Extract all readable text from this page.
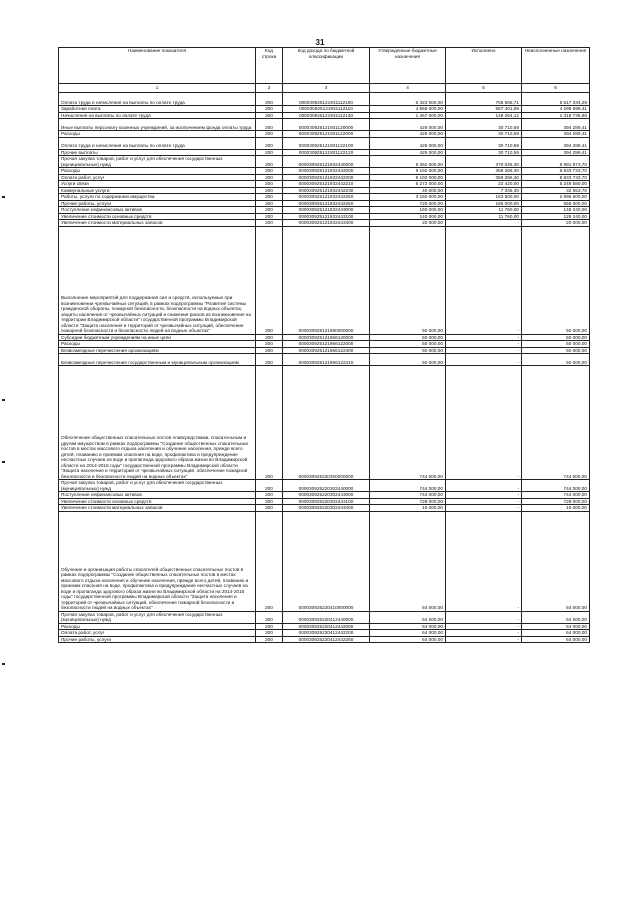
31
Наименование показателя	Код строки	Код дохода по бюджетной классификации	Утвержденные бюджетные назначения	Исполнено	Неисполненные назначения
1	2	3	4	5	6
Оплата труда и начисления на выплаты по оплате труда	200	000030925121931112100	6 323 000,00	705 665,71	5 617 334,29
Заработная плата	200	000030925121931112110	4 856 000,00	557 401,59	4 298 598,41
Начисления на выплаты по оплате труда	200	000030925121931112130	1 467 000,00	148 264,12	1 318 735,88
Иные выплаты персоналу казенных учреждений, за исключением фонда оплаты труда	200	000030925121931120000	425 000,00	30 710,59	394 289,41
Расходы	200	000030925121931122000	425 000,00	30 710,59	394 289,41
Оплата труда и начисления на выплаты по оплате труда	200	000030925121931122100	425 000,00	30 710,59	394 289,41
Прочие выплаты	200	000030925121931122120	425 000,00	30 710,59	394 289,41
Прочая закупка товаров, работ и услуг для обеспечения государственных (муниципальных) нужд	200	000030925121932440000	9 352 000,00	370 026,30	8 981 973,70
Расходы	200	000030925121932442000	9 192 000,00	358 266,30	8 833 733,70
Оплата работ, услуг	200	000030925121932442200	9 192 000,00	358 266,30	8 833 733,70
Услуги связи	200	000030925121932442210	5 272 000,00	22 420,00	5 249 580,00
Коммунальные услуги	200	000030925121932442230	40 000,00	7 346,30	32 653,70
Работы, услуги по содержанию имущества	200	000030925121932442250	3 160 000,00	163 500,00	2 996 500,00
Прочие работы, услуги	200	000030925121932442260	720 000,00	165 000,00	555 000,00
Поступление нефинансовых активов	200	000030925121932443000	160 000,00	11 760,00	148 240,00
Увеличение стоимости основных средств	200	000030925121932443100	140 000,00	11 760,00	128 240,00
Увеличение стоимости материальных запасов	200	000030925121932443400	20 000,00	-	20 000,00
Выполнение мероприятий для поддержания сил и средств, используемых при возникновении чрезвычайных ситуаций, в рамках подпрограммы "Развитие системы гражданской обороны, пожарной безопасности, безопасности на водных объектах, защиты населения от чрезвычайных ситуаций и снижения рисков их возникновения на территории Владимирской области" государственной программы Владимирской области "Защита населения и территорий от чрезвычайных ситуаций, обеспечение пожарной безопасности и безопасности людей на водных объектах"	200	000030925121960000000	50 000,00	-	50 000,00
Субсидии бюджетным учреждениям на иные цели	200	000030925121966120000	50 000,00	-	50 000,00
Расходы	200	000030925121966122000	50 000,00	-	50 000,00
Безвозмездные перечисления организациям	200	000030925121966122400	50 000,00	-	50 000,00
Безвозмездные перечисления государственным и муниципальным организациям	200	000030925121966122410	50 000,00	-	50 000,00
Обеспечение общественных спасательных постов плавсредствами, спасательным и другим имуществом в рамках подпрограммы "Создание общественных спасательных постов в местах массового отдыха населения и обучение населения, прежде всего детей, плаванию и приемам спасения на воде, профилактика и предупреждение несчастных случаев на воде и пропаганда здорового образа жизни во Владимирской области на 2014-2016 годы" государственной программы Владимирской области "Защита населения и территорий от чрезвычайных ситуаций, обеспечение пожарной безопасности и безопасности людей на водных объектах"	200	000030925220300000000	744 000,00	-	744 000,00
Прочая закупка товаров, работ и услуг для обеспечения государственных (муниципальных) нужд	200	000030925220302440000	744 000,00	-	744 000,00
Поступление нефинансовых активов	200	000030925220302443000	744 000,00	-	744 000,00
Увеличение стоимости основных средств	200	000030925220302443100	728 000,00	-	728 000,00
Увеличение стоимости материальных запасов	200	000030925220302443400	16 000,00	-	16 000,00
Обучение и организация работы спасателей общественных спасательных постов в рамках подпрограммы "Создание общественных спасательных постов в местах массового отдыха населения и обучение населения, прежде всего детей, плаванию и приемам спасения на воде, профилактика и предупреждение несчастных случаев на воде и пропаганда здорового образа жизни во Владимирской области на 2014-2016 годы" государственной программы Владимирской области "Защита населения и территорий от чрезвычайных ситуаций, обеспечение пожарной безопасности и безопасности людей на водных объектах"	200	000030925220410000000	64 000,00	-	64 000,00
Прочая закупка товаров, работ и услуг для обеспечения государственных (муниципальных) нужд	200	000030925220412440000	64 000,00	-	64 000,00
Расходы	200	000030925220412442000	64 000,00	-	64 000,00
Оплата работ, услуг	200	000030925220412442200	64 000,00	-	64 000,00
Прочие работы, услуги	200	000030925220412442260	64 000,00	-	64 000,00
